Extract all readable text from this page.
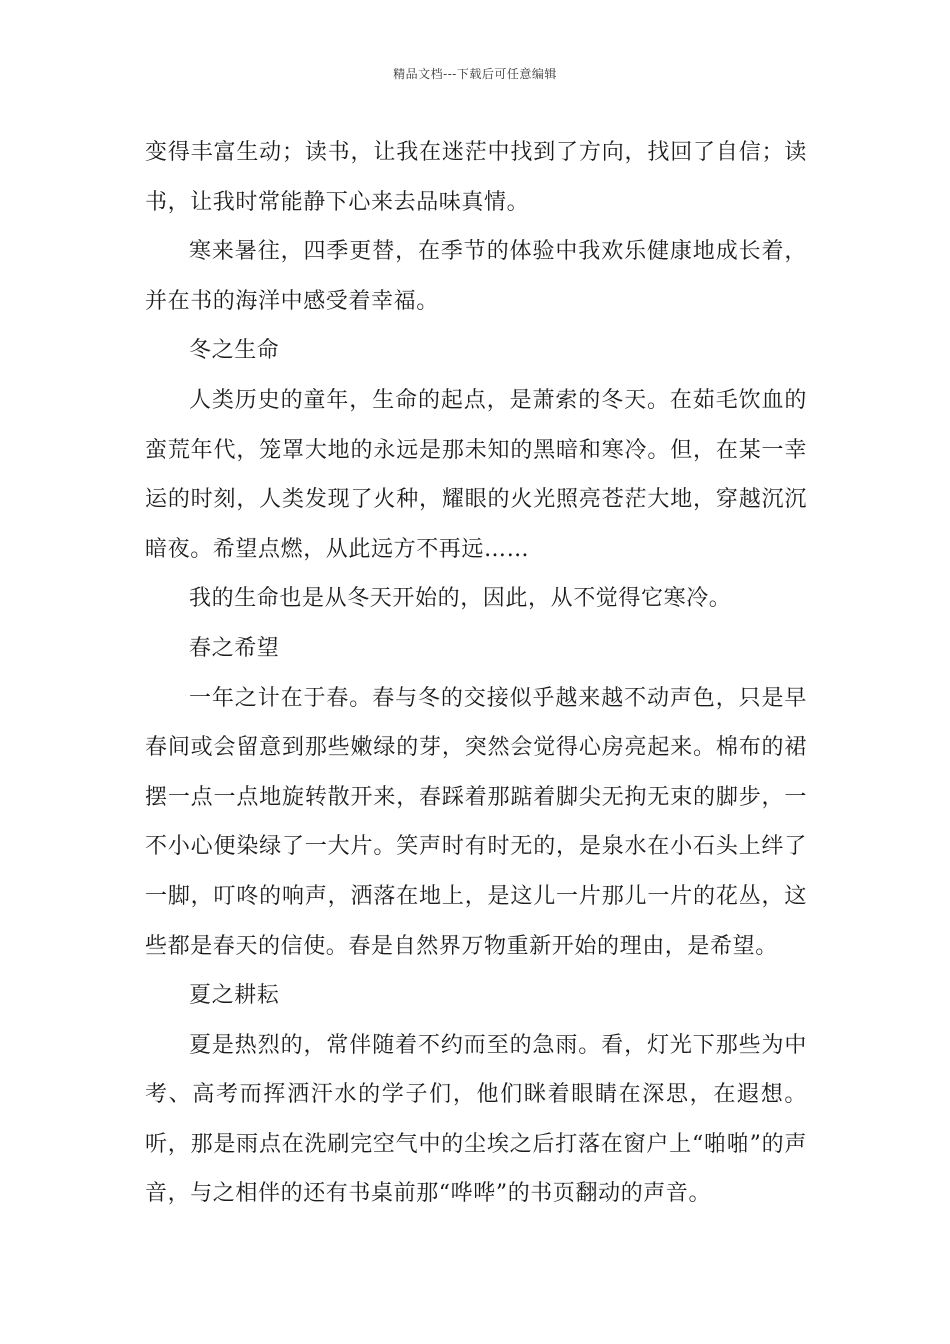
精品文档---下载后可任意编辑

变得丰富生动；读书，让我在迷茫中找到了方向，找回了自信；读书，让我时常能静下心来去品味真情。

寒来暑往，四季更替，在季节的体验中我欢乐健康地成长着，并在书的海洋中感受着幸福。

冬之生命

人类历史的童年，生命的起点，是萧索的冬天。在茹毛饮血的蛮荒年代，笼罩大地的永远是那未知的黑暗和寒冷。但，在某一幸运的时刻，人类发现了火种，耀眼的火光照亮苍茫大地，穿越沉沉暗夜。希望点燃，从此远方不再远……

我的生命也是从冬天开始的，因此，从不觉得它寒冷。

春之希望

一年之计在于春。春与冬的交接似乎越来越不动声色，只是早春间或会留意到那些嫩绿的芽，突然会觉得心房亮起来。棉布的裙摆一点一点地旋转散开来，春踩着那踮着脚尖无拘无束的脚步，一不小心便染绿了一大片。笑声时有时无的，是泉水在小石头上绊了一脚，叮咚的响声，洒落在地上，是这儿一片那儿一片的花丛，这些都是春天的信使。春是自然界万物重新开始的理由，是希望。

夏之耕耘

夏是热烈的，常伴随着不约而至的急雨。看，灯光下那些为中考、高考而挥洒汗水的学子们，他们眯着眼睛在深思，在遐想。听，那是雨点在洗刷完空气中的尘埃之后打落在窗户上“啪啪”的声音，与之相伴的还有书桌前那“哗哗”的书页翻动的声音。
